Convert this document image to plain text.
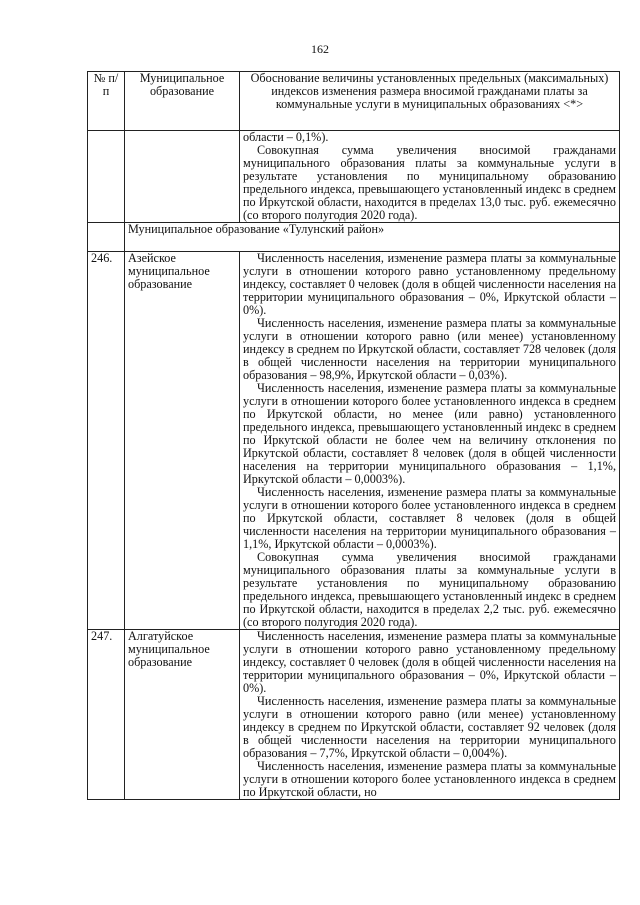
162
№ п/п	Муниципальное образование	Обоснование величины установленных предельных (максимальных) индексов изменения размера вносимой гражданами платы за коммунальные услуги в муниципальных образованиях <*>

		области – 0,1%).

Совокупная сумма увеличения вносимой гражданами муниципального образования платы за коммунальные услуги в результате установления по муниципальному образованию предельного индекса, превышающего установленный индекс в среднем по Иркутской области, находится в пределах 13,0 тыс. руб. ежемесячно (со второго полугодия 2020 года).

	Муниципальное образование «Тулунский район»	
246.	Азейское муниципальное образование	Численность населения, изменение размера платы за коммунальные услуги в отношении которого равно установленному предельному индексу, составляет 0 человек (доля в общей численности населения на территории муниципального образования – 0%, Иркутской области – 0%).

Численность населения, изменение размера платы за коммунальные услуги в отношении которого равно (или менее) установленному индексу в среднем по Иркутской области, составляет 728 человек (доля в общей численности населения на территории муниципального образования – 98,9%, Иркутской области – 0,03%).

Численность населения, изменение размера платы за коммунальные услуги в отношении которого более установленного индекса в среднем по Иркутской области, но менее (или равно) установленного предельного индекса, превышающего установленный индекс в среднем по Иркутской области не более чем на величину отклонения по Иркутской области, составляет 8 человек (доля в общей численности населения на территории муниципального образования – 1,1%, Иркутской области – 0,0003%).

Численность населения, изменение размера платы за коммунальные услуги в отношении которого более установленного индекса в среднем по Иркутской области, составляет 8 человек (доля в общей численности населения на территории муниципального образования – 1,1%, Иркутской области – 0,0003%).

Совокупная сумма увеличения вносимой гражданами муниципального образования платы за коммунальные услуги в результате установления по муниципальному образованию предельного индекса, превышающего установленный индекс в среднем по Иркутской области, находится в пределах 2,2 тыс. руб. ежемесячно (со второго полугодия 2020 года).

247.	Алгатуйское муниципальное образование	Численность населения, изменение размера платы за коммунальные услуги в отношении которого равно установленному предельному индексу, составляет 0 человек (доля в общей численности населения на территории муниципального образования – 0%, Иркутской области – 0%).

Численность населения, изменение размера платы за коммунальные услуги в отношении которого равно (или менее) установленному индексу в среднем по Иркутской области, составляет 92 человек (доля в общей численности населения на территории муниципального образования – 7,7%, Иркутской области – 0,004%).

Численность населения, изменение размера платы за коммунальные услуги в отношении которого более установленного индекса в среднем по Иркутской области, но
